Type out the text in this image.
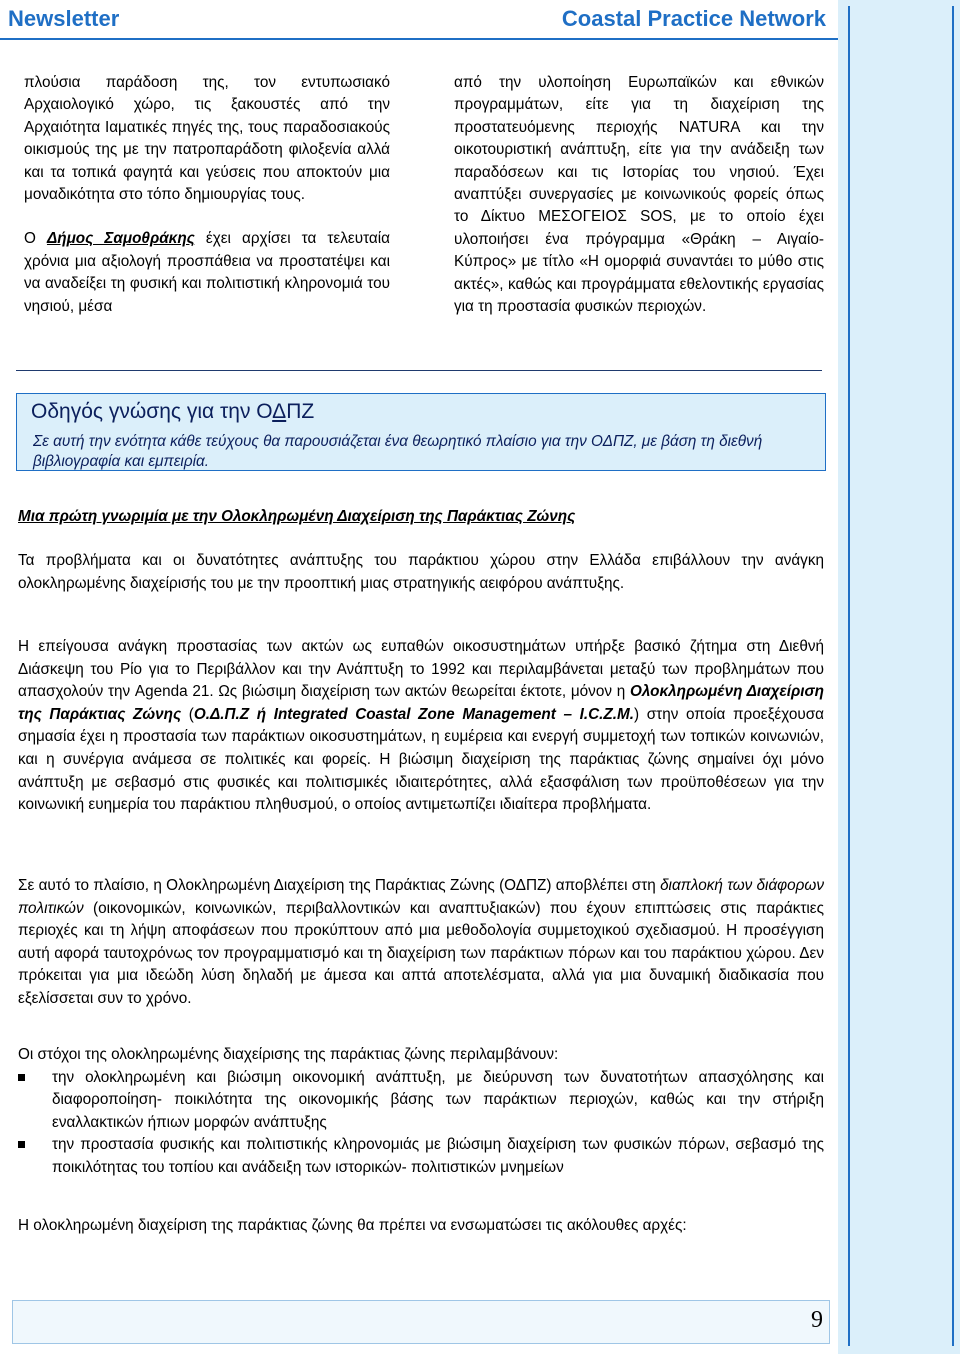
Newsletter	Coastal Practice Network

πλούσια παράδοση της, τον εντυπωσιακό Αρχαιολογικό χώρο, τις ξακουστές από την Αρχαιότητα Ιαματικές πηγές της, τους παραδοσιακούς οικισμούς της με την πατροπαράδοτη φιλοξενία αλλά και τα τοπικά φαγητά και γεύσεις που αποκτούν μια μοναδικότητα στο τόπο δημιουργίας τους.

Ο Δήμος Σαμοθράκης έχει αρχίσει τα τελευταία χρόνια μια αξιολογή προσπάθεια να προστατέψει και να αναδείξει τη φυσική και πολιτιστική κληρονομιά του νησιού, μέσα

από την υλοποίηση Ευρωπαϊκών και εθνικών προγραμμάτων, είτε για τη διαχείριση της προστατευόμενης περιοχής NATURA και την οικοτουριστική ανάπτυξη, είτε για την ανάδειξη των παραδόσεων και τις Ιστορίας του νησιού. Έχει αναπτύξει συνεργασίες με κοινωνικούς φορείς όπως το Δίκτυο ΜΕΣΟΓΕΙΟΣ SOS, με το οποίο έχει υλοποιήσει ένα πρόγραμμα «Θράκη – Αιγαίο- Κύπρος» με τίτλο «Η ομορφιά συναντάει το μύθο στις ακτές», καθώς και προγράμματα εθελοντικής εργασίας για τη προστασία φυσικών περιοχών.

Οδηγός γνώσης για την ΟΔΠΖ
Σε αυτή την ενότητα κάθε τεύχους θα παρουσιάζεται ένα θεωρητικό πλαίσιο για την ΟΔΠΖ, με βάση τη διεθνή βιβλιογραφία και εμπειρία.
Μια πρώτη γνωριμία με την Ολοκληρωμένη Διαχείριση της Παράκτιας Ζώνης
Τα προβλήματα και οι δυνατότητες ανάπτυξης του παράκτιου χώρου στην Ελλάδα επιβάλλουν την ανάγκη ολοκληρωμένης διαχείρισής του με την προοπτική μιας στρατηγικής αειφόρου ανάπτυξης.

Η επείγουσα ανάγκη προστασίας των ακτών ως ευπαθών οικοσυστημάτων υπήρξε βασικό ζήτημα στη Διεθνή Διάσκεψη του Ρίο για το Περιβάλλον και την Ανάπτυξη το 1992 και περιλαμβάνεται μεταξύ των προβλημάτων που απασχολούν την Agenda 21. Ως βιώσιμη διαχείριση των ακτών θεωρείται έκτοτε, μόνον η Ολοκληρωμένη Διαχείριση της Παράκτιας Ζώνης (Ο.Δ.Π.Ζ ή Integrated Coastal Zone Management – I.C.Z.M.) στην οποία προεξέχουσα σημασία έχει η προστασία των παράκτιων οικοσυστημάτων, η ευμέρεια και ενεργή συμμετοχή των τοπικών κοινωνιών, και η συνέργια ανάμεσα σε πολιτικές και φορείς. Η βιώσιμη διαχείριση της παράκτιας ζώνης σημαίνει όχι μόνο ανάπτυξη με σεβασμό στις φυσικές και πολιτισμικές ιδιαιτερότητες, αλλά εξασφάλιση των προϋποθέσεων για την κοινωνική ευημερία του παράκτιου πληθυσμού, ο οποίος αντιμετωπίζει ιδιαίτερα προβλήματα.

Σε αυτό το πλαίσιο, η Ολοκληρωμένη Διαχείριση της Παράκτιας Ζώνης (ΟΔΠΖ) αποβλέπει στη διαπλοκή των διάφορων πολιτικών (οικονομικών, κοινωνικών, περιβαλλοντικών και αναπτυξιακών) που έχουν επιπτώσεις στις παράκτιες περιοχές και τη λήψη αποφάσεων που προκύπτουν από μια μεθοδολογία συμμετοχικού σχεδιασμού. Η προσέγγιση αυτή αφορά ταυτοχρόνως τον προγραμματισμό και τη διαχείριση των παράκτιων πόρων και του παράκτιου χώρου. Δεν πρόκειται για μια ιδεώδη λύση δηλαδή με άμεσα και απτά αποτελέσματα, αλλά για μια δυναμική διαδικασία που εξελίσσεται συν το χρόνο.

Οι στόχοι της ολοκληρωμένης διαχείρισης της παράκτιας ζώνης περιλαμβάνουν:

την ολοκληρωμένη και βιώσιμη οικονομική ανάπτυξη, με διεύρυνση των δυνατοτήτων απασχόλησης και διαφοροποίηση- ποικιλότητα της οικονομικής βάσης των παράκτιων περιοχών, καθώς και την στήριξη εναλλακτικών ήπιων μορφών ανάπτυξης
την προστασία φυσικής και πολιτιστικής κληρονομιάς με βιώσιμη διαχείριση των φυσικών πόρων, σεβασμό της ποικιλότητας του τοπίου και ανάδειξη των ιστορικών- πολιτιστικών μνημείων
Η ολοκληρωμένη διαχείριση της παράκτιας ζώνης θα πρέπει να ενσωματώσει τις ακόλουθες αρχές:
9
